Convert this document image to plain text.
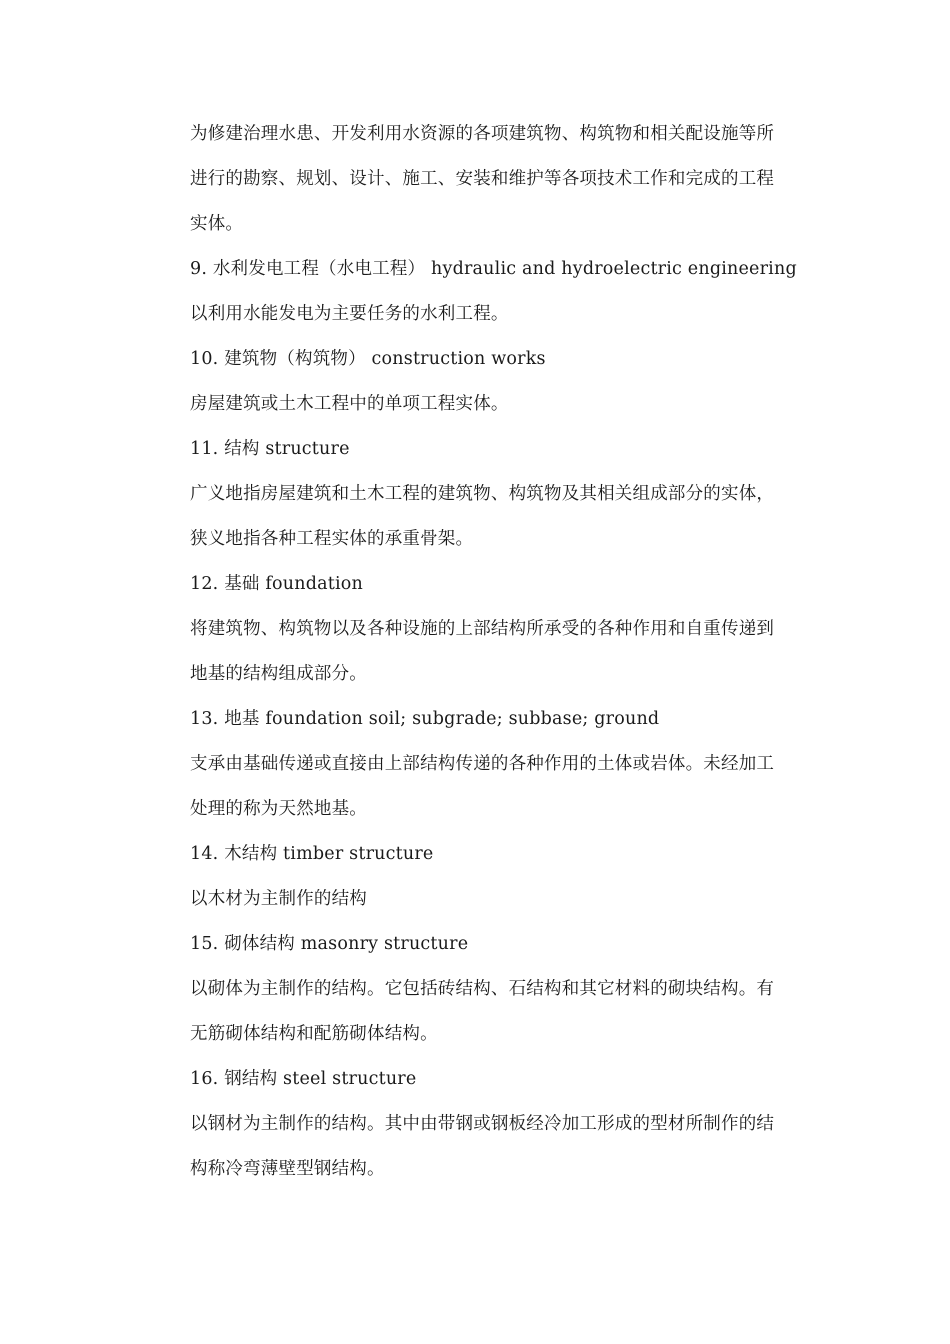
为修建治理水患、开发利用水资源的各项建筑物、构筑物和相关配设施等所
进行的勘察、规划、设计、施工、安装和维护等各项技术工作和完成的工程
实体。
9. 水利发电工程（水电工程） hydraulic and hydroelectric engineering
以利用水能发电为主要任务的水利工程。
10. 建筑物（构筑物） construction works
房屋建筑或土木工程中的单项工程实体。
11. 结构 structure
广义地指房屋建筑和土木工程的建筑物、构筑物及其相关组成部分的实体，
狭义地指各种工程实体的承重骨架。
12. 基础 foundation
将建筑物、构筑物以及各种设施的上部结构所承受的各种作用和自重传递到
地基的结构组成部分。
13. 地基 foundation soil; subgrade; subbase; ground
支承由基础传递或直接由上部结构传递的各种作用的土体或岩体。未经加工
处理的称为天然地基。
14. 木结构 timber structure
以木材为主制作的结构
15. 砌体结构 masonry structure
以砌体为主制作的结构。它包括砖结构、石结构和其它材料的砌块结构。有
无筋砌体结构和配筋砌体结构。
16. 钢结构 steel structure
以钢材为主制作的结构。其中由带钢或钢板经冷加工形成的型材所制作的结
构称冷弯薄壁型钢结构。
